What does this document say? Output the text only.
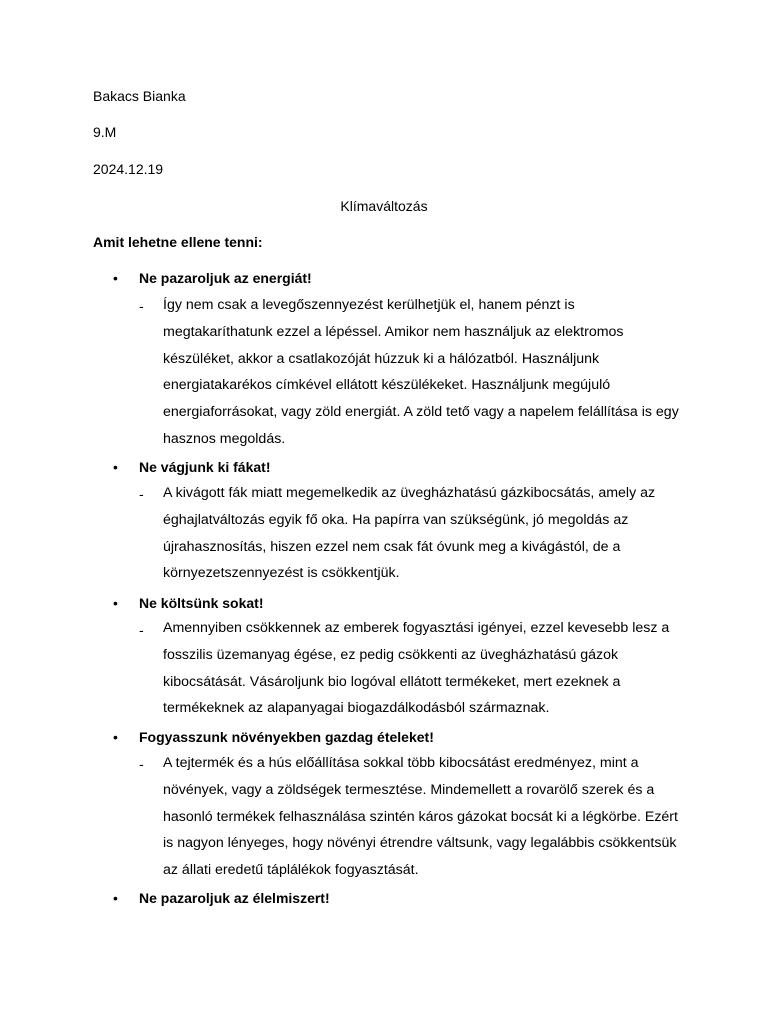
Bakacs Bianka
9.M
2024.12.19
Klímaváltozás
Amit lehetne ellene tenni:
• Ne pazaroljuk az energiát!
- Így nem csak a levegőszennyezést kerülhetjük el, hanem pénzt is megtakaríthatunk ezzel a lépéssel. Amikor nem használjuk az elektromos készüléket, akkor a csatlakozóját húzzuk ki a hálózatból. Használjunk energiatakarékos címkével ellátott készülékeket. Használjunk megújuló energiaforrásokat, vagy zöld energiát. A zöld tető vagy a napelem felállítása is egy hasznos megoldás.
• Ne vágjunk ki fákat!
- A kivágott fák miatt megemelkedik az üvegházhatású gázkibocsátás, amely az éghajlatváltozás egyik fő oka. Ha papírra van szükségünk, jó megoldás az újrahasznosítás, hiszen ezzel nem csak fát óvunk meg a kivágástól, de a környezetszennyezést is csökkentjük.
• Ne költsünk sokat!
- Amennyiben csökkennek az emberek fogyasztási igényei, ezzel kevesebb lesz a fosszilis üzemanyag égése, ez pedig csökkenti az üvegházhatású gázok kibocsátását. Vásároljunk bio logóval ellátott termékeket, mert ezeknek a termékeknek az alapanyagai biogazdálkodásból származnak.
• Fogyasszunk növényekben gazdag ételeket!
- A tejtermék és a hús előállítása sokkal több kibocsátást eredményez, mint a növények, vagy a zöldségek termesztése. Mindemellett a rovarölő szerek és a hasonló termékek felhasználása szintén káros gázokat bocsát ki a légkörbe. Ezért is nagyon lényeges, hogy növényi étrendre váltsunk, vagy legalábbis csökkentsük az állati eredetű táplálékok fogyasztását.
• Ne pazaroljuk az élelmiszert!
